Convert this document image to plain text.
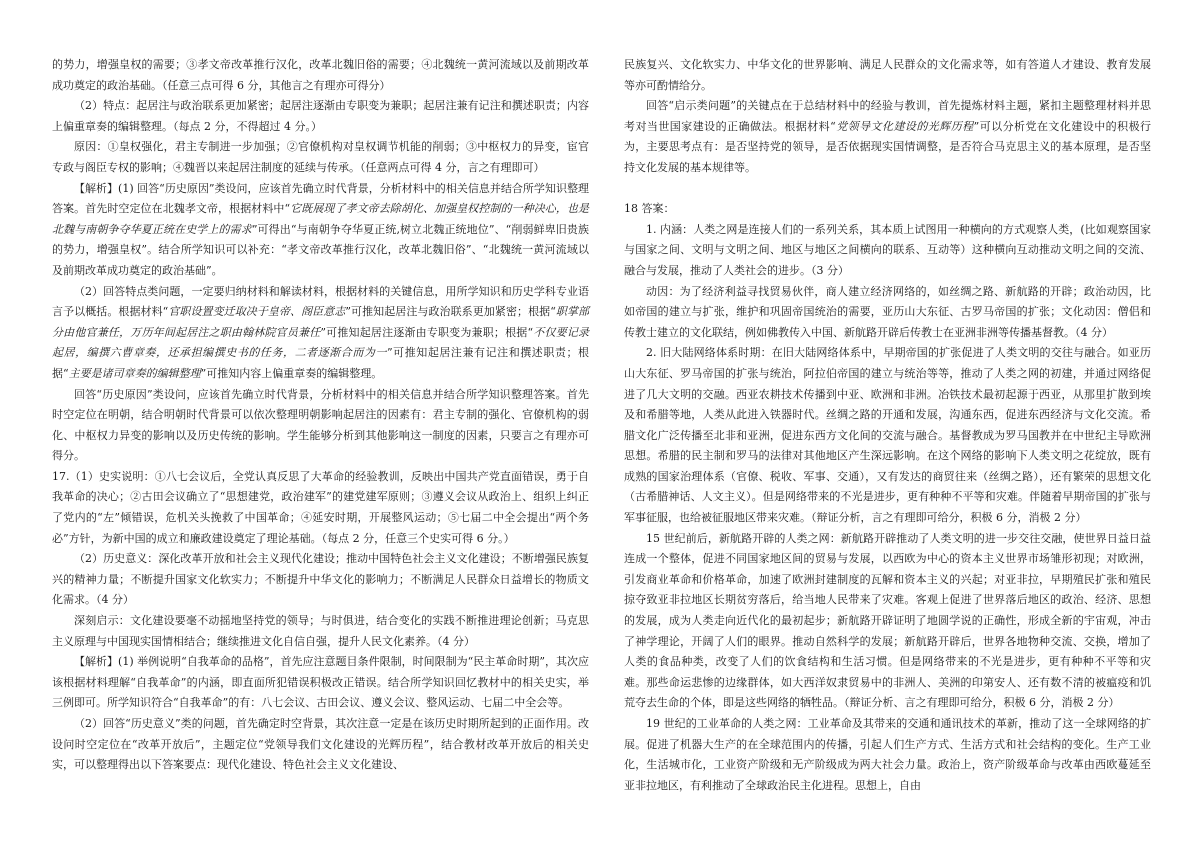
的势力，增强皇权的需要；③孝文帝改革推行汉化，改革北魏旧俗的需要；④北魏统一黄河流域以及前期改革成功奠定的政治基础。（任意三点可得 6 分，其他言之有理亦可得分）

（2）特点：起居注与政治联系更加紧密；起居注逐渐由专职变为兼职；起居注兼有记注和撰述职责；内容上偏重章奏的编辑整理。（每点 2 分，不得超过 4 分。）

原因：①皇权强化，君主专制进一步加强；②官僚机构对皇权调节机能的削弱；③中枢权力的异变，宦官专政与阁臣专权的影响；④魏晋以来起居注制度的延续与传承。（任意两点可得 4 分，言之有理即可）

【解析】(1) 回答“历史原因”类设问，应该首先确立时代背景，分析材料中的相关信息并结合所学知识整理答案。首先时空定位在北魏孝文帝，根据材料中“它既展现了孝文帝去除胡化、加强皇权控制的一种决心，也是北魏与南朝争夺华夏正统在史学上的需求”可得出“与南朝争夺华夏正统,树立北魏正统地位”、“削弱鲜卑旧贵族的势力，增强皇权”。结合所学知识可以补充：“孝文帝改革推行汉化，改革北魏旧俗”、“北魏统一黄河流域以及前期改革成功奠定的政治基础”。

（2）回答特点类问题，一定要归纳材料和解读材料，根据材料的关键信息，用所学知识和历史学科专业语言予以概括。根据材料“官职设置变迁取决于皇帝、阁臣意志”可推知起居注与政治联系更加紧密；根据“职掌部分由他官兼任，万历年间起居注之职由翰林院官员兼任”可推知起居注逐渐由专职变为兼职；根据“不仅要记录起居，编撰六曹章奏，还承担编撰史书的任务，二者逐渐合而为一”可推知起居注兼有记注和撰述职责；根据“主要是诸司章奏的编辑整理”可推知内容上偏重章奏的编辑整理。

回答“历史原因”类设问，应该首先确立时代背景，分析材料中的相关信息并结合所学知识整理答案。首先时空定位在明朝，结合明朝时代背景可以依次整理明朝影响起居注的因素有：君主专制的强化、官僚机构的弱化、中枢权力异变的影响以及历史传统的影响。学生能够分析到其他影响这一制度的因素，只要言之有理亦可得分。

17.（1）史实说明：①八七会议后，全党认真反思了大革命的经验教训，反映出中国共产党直面错误，勇于自我革命的决心；②古田会议确立了“思想建党，政治建军”的建党建军原则；③遵义会议从政治上、组织上纠正了党内的“左”倾错误，危机关头挽救了中国革命；④延安时期，开展整风运动；⑤七届二中全会提出“两个务必”方针，为新中国的成立和廉政建设奠定了理论基础。（每点 2 分，任意三个史实可得 6 分。）

（2）历史意义：深化改革开放和社会主义现代化建设；推动中国特色社会主义文化建设；不断增强民族复兴的精神力量；不断提升国家文化软实力；不断提升中华文化的影响力；不断满足人民群众日益增长的物质文化需求。（4 分）

深刻启示：文化建设要毫不动摇地坚持党的领导；与时俱进，结合变化的实践不断推进理论创新；马克思主义原理与中国现实国情相结合；继续推进文化自信自强，提升人民文化素养。（4 分）

【解析】(1) 举例说明“自我革命的品格”，首先应注意题目条件限制，时间限制为“民主革命时期”，其次应该根据材料理解“自我革命”的内涵，即直面所犯错误积极改正错误。结合所学知识回忆教材中的相关史实，举三例即可。所学知识符合“自我革命”的有：八七会议、古田会议、遵义会议、整风运动、七届二中全会等。

（2）回答“历史意义”类的问题，首先确定时空背景，其次注意一定是在该历史时期所起到的正面作用。改设问时空定位在“改革开放后”，主题定位“党领导我们文化建设的光辉历程”，结合教材改革开放后的相关史实，可以整理得出以下答案要点：现代化建设、特色社会主义文化建设、

民族复兴、文化软实力、中华文化的世界影响、满足人民群众的文化需求等，如有答道人才建设、教育发展等亦可酌情给分。

回答“启示类问题”的关键点在于总结材料中的经验与教训，首先提炼材料主题，紧扣主题整理材料并思考对当世国家建设的正确做法。根据材料“党领导文化建设的光辉历程”可以分析党在文化建设中的积极行为，主要思考点有：是否坚持党的领导，是否依据现实国情调整，是否符合马克思主义的基本原理，是否坚持文化发展的基本规律等。

18 答案：

1. 内涵：人类之网是连接人们的一系列关系，其本质上试图用一种横向的方式观察人类，(比如观察国家与国家之间、文明与文明之间、地区与地区之间横向的联系、互动等）这种横向互动推动文明之间的交流、融合与发展，推动了人类社会的进步。（3 分）

动因：为了经济利益寻找贸易伙伴，商人建立经济网络的，如丝绸之路、新航路的开辟；政治动因，比如帝国的建立与扩张，维护和巩固帝国统治的需要，亚历山大东征、古罗马帝国的扩张；文化动因：僧侣和传教士建立的文化联结，例如佛教传入中国、新航路开辟后传教士在亚洲非洲等传播基督教。（4 分）

2. 旧大陆网络体系时期：在旧大陆网络体系中，早期帝国的扩张促进了人类文明的交往与融合。如亚历山大东征、罗马帝国的扩张与统治，阿拉伯帝国的建立与统治等等，推动了人类之网的初建，并通过网络促进了几大文明的交融。西亚农耕技术传播到中亚、欧洲和非洲。冶铁技术最初起源于西亚，从那里扩散到埃及和希腊等地，人类从此进入铁器时代。丝绸之路的开通和发展，沟通东西，促进东西经济与文化交流。希腊文化广泛传播至北非和亚洲，促进东西方文化间的交流与融合。基督教成为罗马国教并在中世纪主导欧洲思想。希腊的民主制和罗马的法律对其他地区产生深远影响。在这个网络的影响下人类文明之花绽放，既有成熟的国家治理体系（官僚、税收、军事、交通），又有发达的商贸往来（丝绸之路），还有繁荣的思想文化（古希腊神话、人文主义）。但是网络带来的不光是进步，更有种种不平等和灾难。伴随着早期帝国的扩张与军事征服，也给被征服地区带来灾难。（辩证分析，言之有理即可给分，积极 6 分，消极 2 分）

15 世纪前后，新航路开辟的人类之网：新航路开辟推动了人类文明的进一步交往交融，使世界日益日益连成一个整体，促进不同国家地区间的贸易与发展，以西欧为中心的资本主义世界市场雏形初现；对欧洲，引发商业革命和价格革命，加速了欧洲封建制度的瓦解和资本主义的兴起；对亚非拉，早期殖民扩张和殖民掠夺致亚非拉地区长期贫穷落后，给当地人民带来了灾难。客观上促进了世界落后地区的政治、经济、思想的发展，成为人类走向近代化的最初起步；新航路开辟证明了地圆学说的正确性，形成全新的宇宙观，冲击了神学理论，开阔了人们的眼界。推动自然科学的发展；新航路开辟后，世界各地物种交流、交换，增加了人类的食品种类，改变了人们的饮食结构和生活习惯。但是网络带来的不光是进步，更有种种不平等和灾难。那些命运悲惨的边缘群体，如大西洋奴隶贸易中的非洲人、美洲的印第安人、还有数不清的被瘟疫和饥荒夺去生命的个体，即是这些网络的牺牲品。（辩证分析、言之有理即可给分，积极 6 分，消极 2 分）

19 世纪的工业革命的人类之网：工业革命及其带来的交通和通讯技术的革新，推动了这一全球网络的扩展。促进了机器大生产的在全球范围内的传播，引起人们生产方式、生活方式和社会结构的变化。生产工业化，生活城市化，工业资产阶级和无产阶级成为两大社会力量。政治上，资产阶级革命与改革由西欧蔓延至亚非拉地区，有利推动了全球政治民主化进程。思想上，自由
